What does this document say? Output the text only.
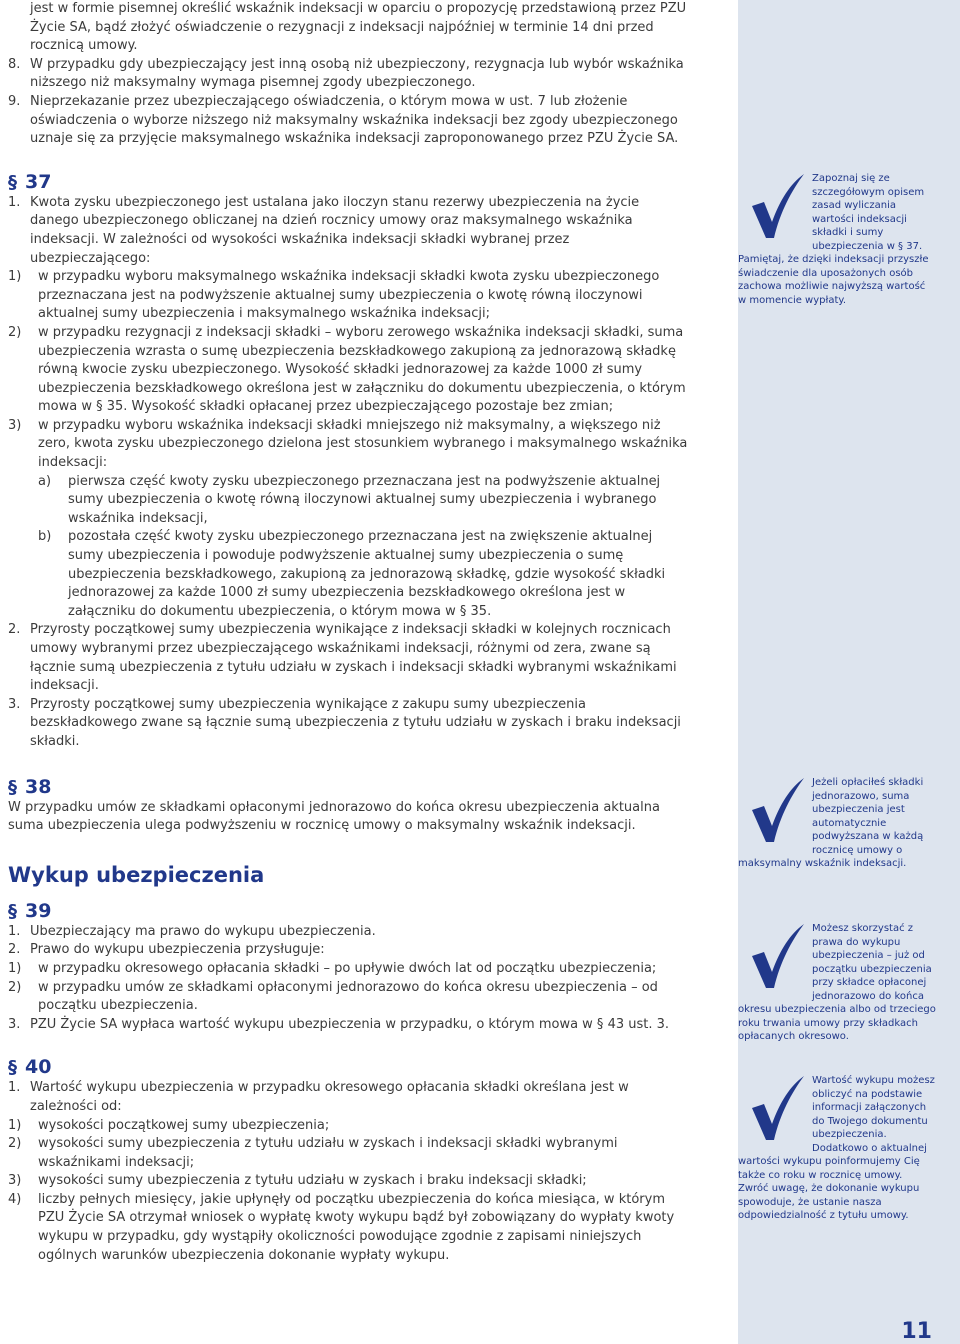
jest w formie pisemnej określić wskaźnik indeksacji w oparciu o propozycję przedstawioną przez PZU Życie SA, bądź złożyć oświadczenie o rezygnacji z indeksacji najpóźniej w terminie 14 dni przed rocznicą umowy.
8. W przypadku gdy ubezpieczający jest inną osobą niż ubezpieczony, rezygnacja lub wybór wskaźnika niższego niż maksymalny wymaga pisemnej zgody ubezpieczonego.
9. Nieprzekazanie przez ubezpieczającego oświadczenia, o którym mowa w ust. 7 lub złożenie oświadczenia o wyborze niższego niż maksymalny wskaźnika indeksacji bez zgody ubezpieczonego uznaje się za przyjęcie maksymalnego wskaźnika indeksacji zaproponowanego przez PZU Życie SA.
§ 37
1. Kwota zysku ubezpieczonego jest ustalana jako iloczyn stanu rezerwy ubezpieczenia na życie danego ubezpieczonego obliczanej na dzień rocznicy umowy oraz maksymalnego wskaźnika indeksacji. W zależności od wysokości wskaźnika indeksacji składki wybranej przez ubezpieczającego:
1)	w przypadku wyboru maksymalnego wskaźnika indeksacji składki kwota zysku ubezpieczonego przeznaczana jest na podwyższenie aktualnej sumy ubezpieczenia o kwotę równą iloczynowi aktualnej sumy ubezpieczenia i maksymalnego wskaźnika indeksacji;
2)	w przypadku rezygnacji z indeksacji składki – wyboru zerowego wskaźnika indeksacji składki, suma ubezpieczenia wzrasta o sumę ubezpieczenia bezskładkowego zakupioną za jednorazową składkę równą kwocie zysku ubezpieczonego. Wysokość składki jednorazowej za każde 1000 zł sumy ubezpieczenia bezskładkowego określona jest w załączniku do dokumentu ubezpieczenia, o którym mowa w § 35. Wysokość składki opłacanej przez ubezpieczającego pozostaje bez zmian;
3)	w przypadku wyboru wskaźnika indeksacji składki mniejszego niż maksymalny, a większego niż zero, kwota zysku ubezpieczonego dzielona jest stosunkiem wybranego i maksymalnego wskaźnika indeksacji:
a)	pierwsza część kwoty zysku ubezpieczonego przeznaczana jest na podwyższenie aktualnej sumy ubezpieczenia o kwotę równą iloczynowi aktualnej sumy ubezpieczenia i wybranego wskaźnika indeksacji,
b)	pozostała część kwoty zysku ubezpieczonego przeznaczana jest na zwiększenie aktualnej sumy ubezpieczenia i powoduje podwyższenie aktualnej sumy ubezpieczenia o sumę ubezpieczenia bezskładkowego, zakupioną za jednorazową składkę, gdzie wysokość składki jednorazowej za każde 1000 zł sumy ubezpieczenia bezskładkowego określona jest w załączniku do dokumentu ubezpieczenia, o którym mowa w § 35.
2. Przyrosty początkowej sumy ubezpieczenia wynikające z indeksacji składki w kolejnych rocznicach umowy wybranymi przez ubezpieczającego wskaźnikami indeksacji, różnymi od zera, zwane są łącznie sumą ubezpieczenia z tytułu udziału w zyskach i indeksacji składki wybranymi wskaźnikami indeksacji.
3. Przyrosty początkowej sumy ubezpieczenia wynikające z zakupu sumy ubezpieczenia bezskładkowego zwane są łącznie sumą ubezpieczenia z tytułu udziału w zyskach i braku indeksacji składki.
§ 38

W przypadku umów ze składkami opłaconymi jednorazowo do końca okresu ubezpieczenia aktualna suma ubezpieczenia ulega podwyższeniu w rocznicę umowy o maksymalny wskaźnik indeksacji.

Wykup ubezpieczenia
§ 39
1. Ubezpieczający ma prawo do wykupu ubezpieczenia.
2. Prawo do wykupu ubezpieczenia przysługuje:
1)	w przypadku okresowego opłacania składki – po upływie dwóch lat od początku ubezpieczenia;
2)	w przypadku umów ze składkami opłaconymi jednorazowo do końca okresu ubezpieczenia – od początku ubezpieczenia.
3. PZU Życie SA wypłaca wartość wykupu ubezpieczenia w przypadku, o którym mowa w § 43 ust. 3.
§ 40
1. Wartość wykupu ubezpieczenia w przypadku okresowego opłacania składki określana jest w zależności od:
1)	wysokości początkowej sumy ubezpieczenia;
2)	wysokości sumy ubezpieczenia z tytułu udziału w zyskach i indeksacji składki wybranymi wskaźnikami indeksacji;
3)	wysokości sumy ubezpieczenia z tytułu udziału w zyskach i braku indeksacji składki;
4)	liczby pełnych miesięcy, jakie upłynęły od początku ubezpieczenia do końca miesiąca, w którym PZU Życie SA otrzymał wniosek o wypłatę kwoty wykupu bądź był zobowiązany do wypłaty kwoty wykupu w przypadku, gdy wystąpiły okoliczności powodujące zgodnie z zapisami niniejszych ogólnych warunków ubezpieczenia dokonanie wypłaty wykupu.
Zapoznaj się ze szczegółowym opisem zasad wyliczania wartości indeksacji składki i sumy ubezpieczenia w § 37. Pamiętaj, że dzięki indeksacji przyszłe świadczenie dla uposażonych osób zachowa możliwie najwyższą wartość w momencie wypłaty.
Jeżeli opłaciłeś składki jednorazowo, suma ubezpieczenia jest automatycznie podwyższana w każdą rocznicę umowy o maksymalny wskaźnik indeksacji.
Możesz skorzystać z prawa do wykupu ubezpieczenia – już od początku ubezpieczenia przy składce opłaconej jednorazowo do końca okresu ubezpieczenia albo od trzeciego roku trwania umowy przy składkach opłacanych okresowo.
Wartość wykupu możesz obliczyć na podstawie informacji załączonych do Twojego dokumentu ubezpieczenia. Dodatkowo o aktualnej wartości wykupu poinformujemy Cię także co roku w rocznicę umowy. Zwróć uwagę, że dokonanie wykupu spowoduje, że ustanie nasza odpowiedzialność z tytułu umowy.
11
